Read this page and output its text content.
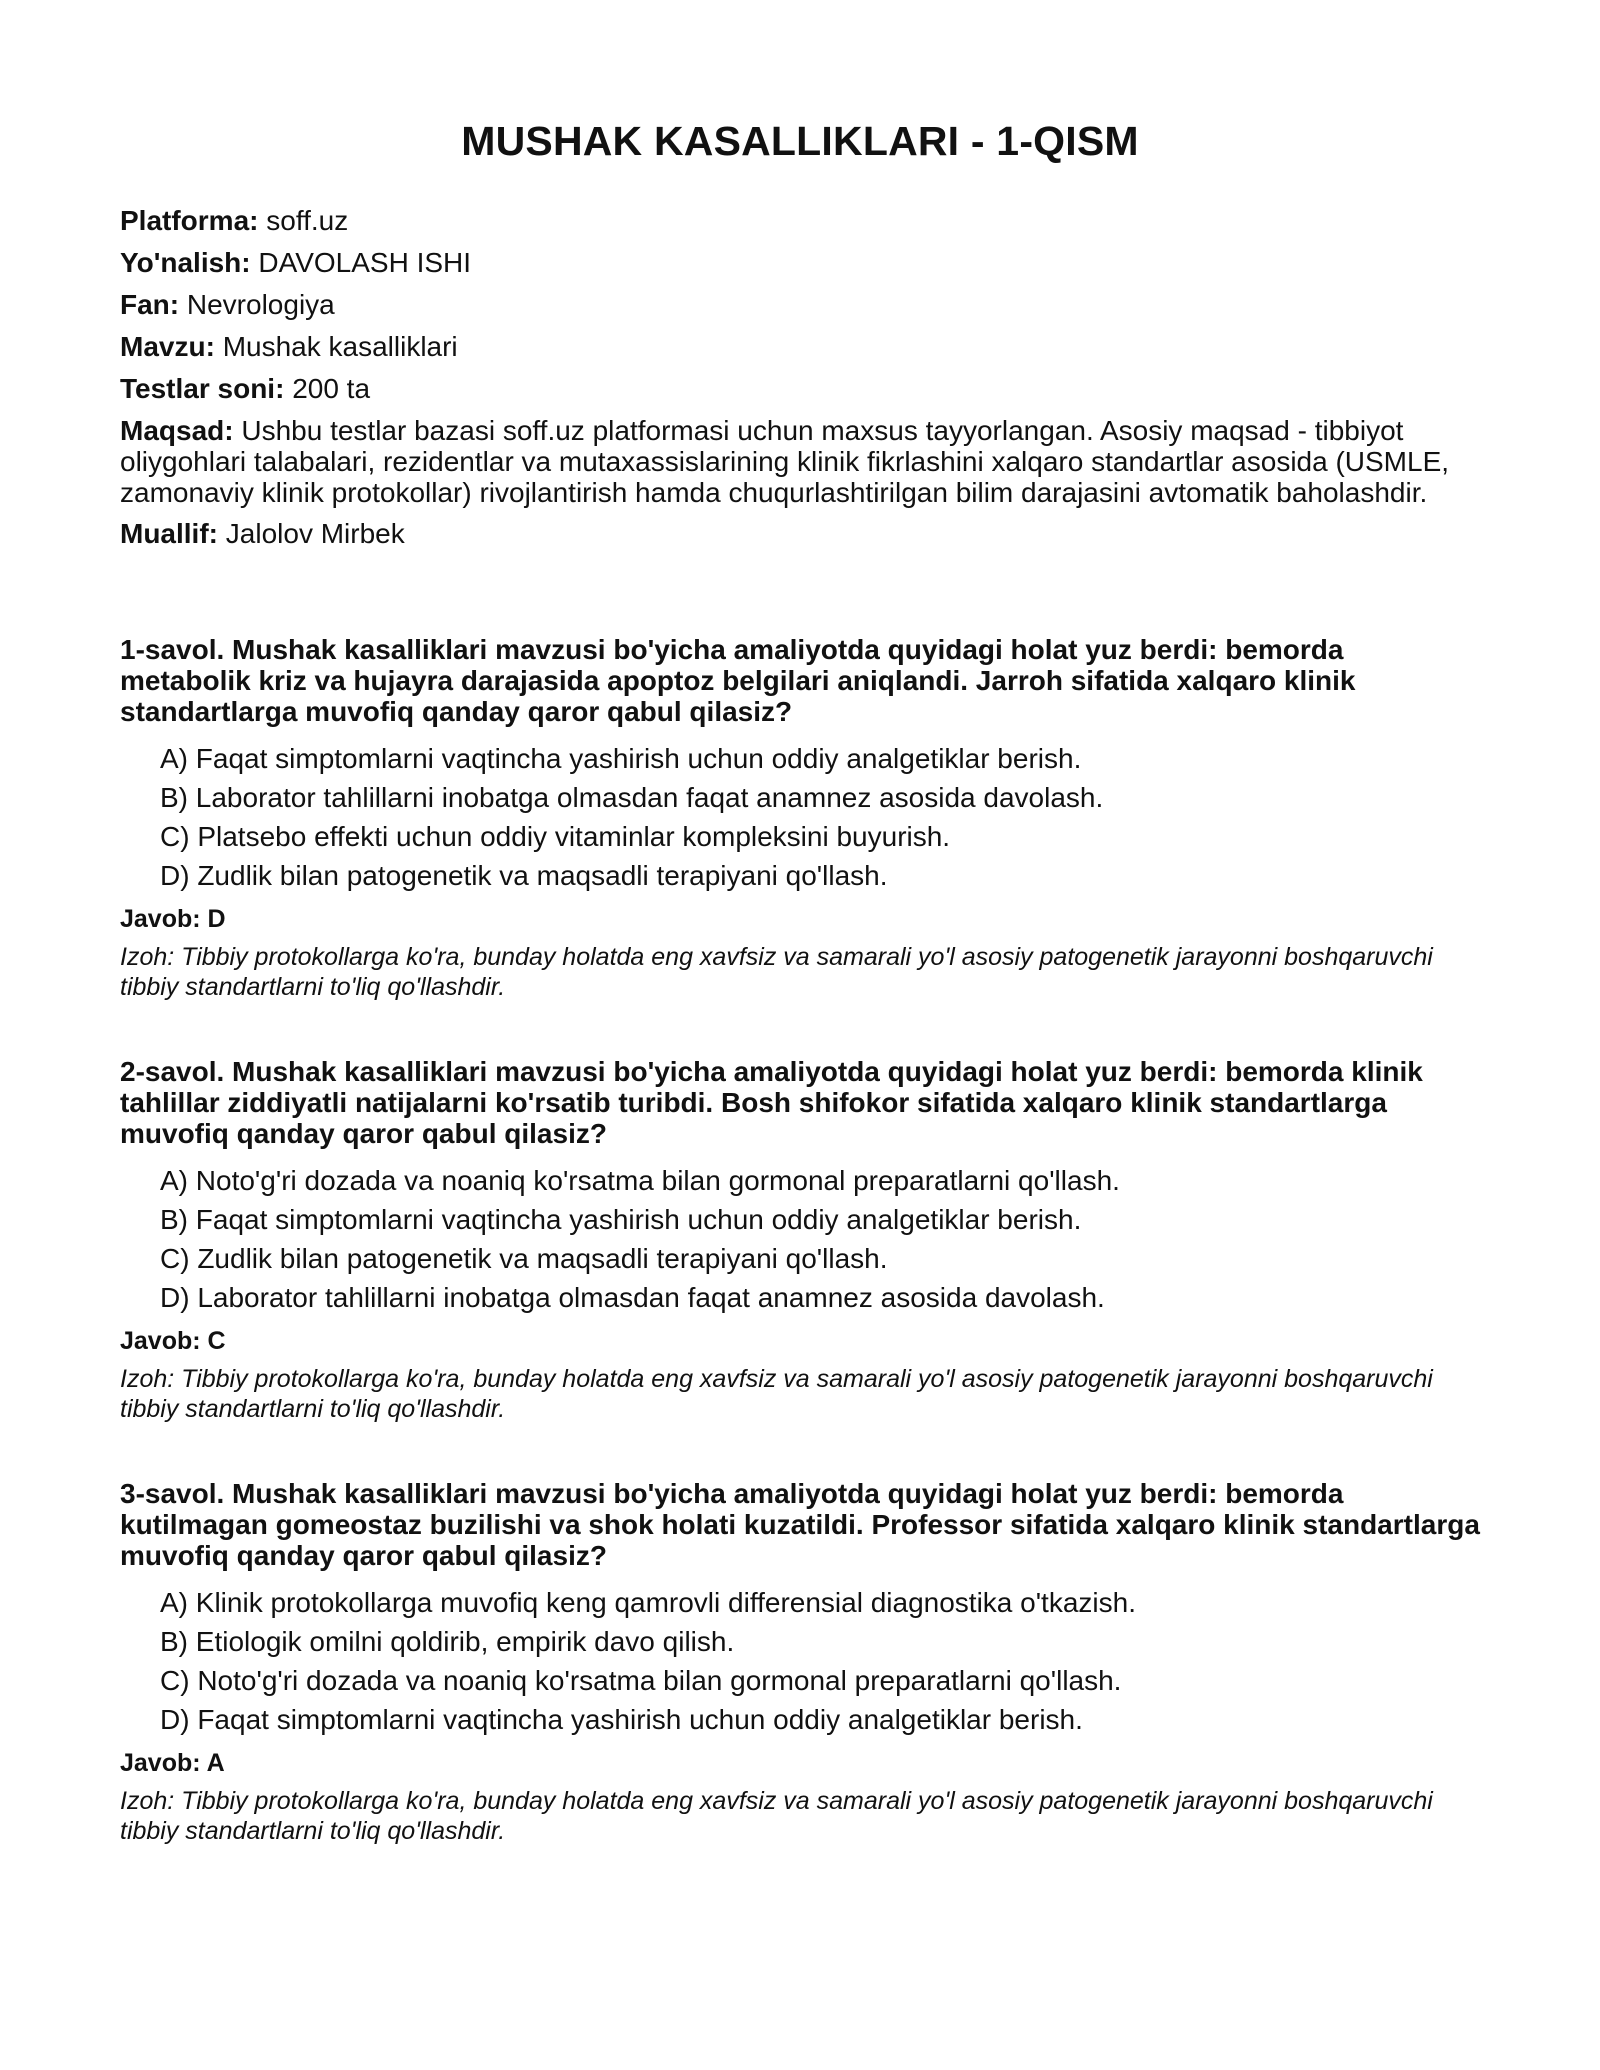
MUSHAK KASALLIKLARI - 1-QISM

Platforma: soff.uz

Yo'nalish: DAVOLASH ISHI

Fan: Nevrologiya

Mavzu: Mushak kasalliklari

Testlar soni: 200 ta

Maqsad: Ushbu testlar bazasi soff.uz platformasi uchun maxsus tayyorlangan. Asosiy maqsad - tibbiyot oliygohlari talabalari, rezidentlar va mutaxassislarining klinik fikrlashini xalqaro standartlar asosida (USMLE, zamonaviy klinik protokollar) rivojlantirish hamda chuqurlashtirilgan bilim darajasini avtomatik baholashdir.

Muallif: Jalolov Mirbek

1-savol. Mushak kasalliklari mavzusi bo'yicha amaliyotda quyidagi holat yuz berdi: bemorda metabolik kriz va hujayra darajasida apoptoz belgilari aniqlandi. Jarroh sifatida xalqaro klinik standartlarga muvofiq qanday qaror qabul qilasiz?

A) Faqat simptomlarni vaqtincha yashirish uchun oddiy analgetiklar berish.
B) Laborator tahlillarni inobatga olmasdan faqat anamnez asosida davolash.
C) Platsebo effekti uchun oddiy vitaminlar kompleksini buyurish.
D) Zudlik bilan patogenetik va maqsadli terapiyani qo'llash.

Javob: D

Izoh: Tibbiy protokollarga ko'ra, bunday holatda eng xavfsiz va samarali yo'l asosiy patogenetik jarayonni boshqaruvchi tibbiy standartlarni to'liq qo'llashdir.

2-savol. Mushak kasalliklari mavzusi bo'yicha amaliyotda quyidagi holat yuz berdi: bemorda klinik tahlillar ziddiyatli natijalarni ko'rsatib turibdi. Bosh shifokor sifatida xalqaro klinik standartlarga muvofiq qanday qaror qabul qilasiz?

A) Noto'g'ri dozada va noaniq ko'rsatma bilan gormonal preparatlarni qo'llash.
B) Faqat simptomlarni vaqtincha yashirish uchun oddiy analgetiklar berish.
C) Zudlik bilan patogenetik va maqsadli terapiyani qo'llash.
D) Laborator tahlillarni inobatga olmasdan faqat anamnez asosida davolash.

Javob: C

Izoh: Tibbiy protokollarga ko'ra, bunday holatda eng xavfsiz va samarali yo'l asosiy patogenetik jarayonni boshqaruvchi tibbiy standartlarni to'liq qo'llashdir.

3-savol. Mushak kasalliklari mavzusi bo'yicha amaliyotda quyidagi holat yuz berdi: bemorda kutilmagan gomeostaz buzilishi va shok holati kuzatildi. Professor sifatida xalqaro klinik standartlarga muvofiq qanday qaror qabul qilasiz?

A) Klinik protokollarga muvofiq keng qamrovli differensial diagnostika o'tkazish.
B) Etiologik omilni qoldirib, empirik davo qilish.
C) Noto'g'ri dozada va noaniq ko'rsatma bilan gormonal preparatlarni qo'llash.
D) Faqat simptomlarni vaqtincha yashirish uchun oddiy analgetiklar berish.

Javob: A

Izoh: Tibbiy protokollarga ko'ra, bunday holatda eng xavfsiz va samarali yo'l asosiy patogenetik jarayonni boshqaruvchi tibbiy standartlarni to'liq qo'llashdir.
